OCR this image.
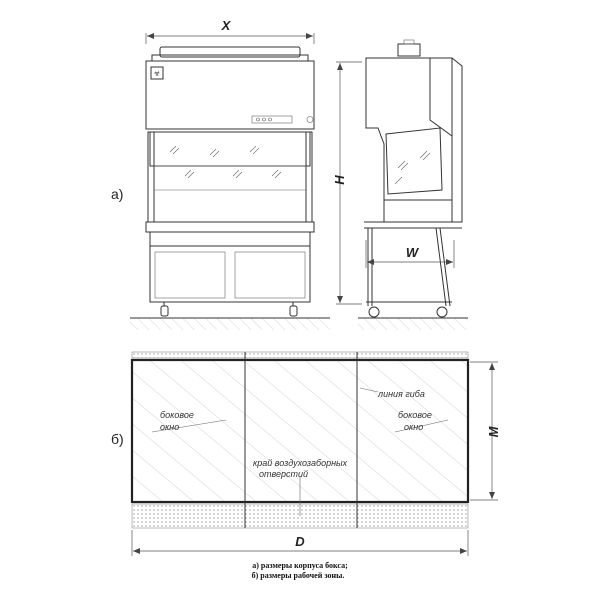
☣
X
a)
H
W
боковое
окно
линия гиба
боковое
окно
край воздухозаборных
отверстий
б)	M
D
а) размеры корпуса бокса;
б) размеры рабочей зоны.
